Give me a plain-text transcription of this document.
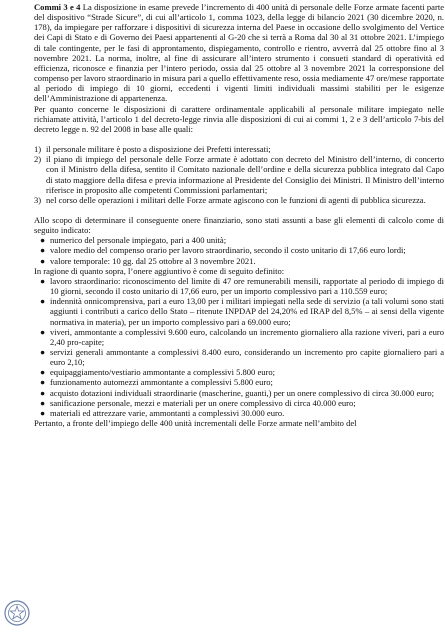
Commi 3 e 4 La disposizione in esame prevede l’incremento di 400 unità di personale delle Forze armate facenti parte del dispositivo “Strade Sicure”, di cui all’articolo 1, comma 1023, della legge di bilancio 2021 (30 dicembre 2020, n. 178), da impiegare per rafforzare i dispositivi di sicurezza interna del Paese in occasione dello svolgimento del Vertice dei Capi di Stato e di Governo dei Paesi appartenenti al G-20 che si terrà a Roma dal 30 al 31 ottobre 2021. L’impiego di tale contingente, per le fasi di approntamento, dispiegamento, controllo e rientro, avverrà dal 25 ottobre fino al 3 novembre 2021. La norma, inoltre, al fine di assicurare all’intero strumento i consueti standard di operatività ed efficienza, riconosce e finanzia per l’intero periodo, ossia dal 25 ottobre al 3 novembre 2021 la corresponsione del compenso per lavoro straordinario in misura pari a quello effettivamente reso, ossia mediamente 47 ore/mese rapportate al periodo di impiego di 10 giorni, eccedenti i vigenti limiti individuali massimi stabiliti per le esigenze dell’Amministrazione di appartenenza.

Per quanto concerne le disposizioni di carattere ordinamentale applicabili al personale militare impiegato nelle richiamate attività, l’articolo 1 del decreto-legge rinvia alle disposizioni di cui ai commi 1, 2 e 3 dell’articolo 7-bis del decreto legge n. 92 del 2008 in base alle quali:

1) il personale militare è posto a disposizione dei Prefetti interessati;
2) il piano di impiego del personale delle Forze armate è adottato con decreto del Ministro dell’interno, di concerto con il Ministro della difesa, sentito il Comitato nazionale dell’ordine e della sicurezza pubblica integrato dal Capo di stato maggiore della difesa e previa informazione al Presidente del Consiglio dei Ministri. Il Ministro dell’interno riferisce in proposito alle competenti Commissioni parlamentari;
3) nel corso delle operazioni i militari delle Forze armate agiscono con le funzioni di agenti di pubblica sicurezza.

Allo scopo di determinare il conseguente onere finanziario, sono stati assunti a base gli elementi di calcolo come di seguito indicato:

● numerico del personale impiegato, pari a 400 unità;
● valore medio del compenso orario per lavoro straordinario, secondo il costo unitario di 17,66 euro lordi;
● valore temporale: 10 gg. dal 25 ottobre al 3 novembre 2021.

In ragione di quanto sopra, l’onere aggiuntivo è come di seguito definito:

● lavoro straordinario: riconoscimento del limite di 47 ore remunerabili mensili, rapportate al periodo di impiego di 10 giorni, secondo il costo unitario di 17,66 euro, per un importo complessivo pari a 110.559 euro;
● indennità onnicomprensiva, pari a euro 13,00 per i militari impiegati nella sede di servizio (a tali volumi sono stati aggiunti i contributi a carico dello Stato – ritenute INPDAP del 24,20% ed IRAP del 8,5% – ai sensi della vigente normativa in materia), per un importo complessivo pari a 69.000 euro;
● viveri, ammontante a complessivi 9.600 euro, calcolando un incremento giornaliero alla razione viveri, pari a euro 2,40 pro-capite;
● servizi generali ammontante a complessivi 8.400 euro, considerando un incremento pro capite giornaliero pari a euro 2,10;
● equipaggiamento/vestiario ammontante a complessivi 5.800 euro;
● funzionamento automezzi ammontante a complessivi 5.800 euro;
● acquisto dotazioni individuali straordinarie (mascherine, guanti,) per un onere complessivo di circa 30.000 euro;
● sanificazione personale, mezzi e materiali per un onere complessivo di circa 40.000 euro;
● materiali ed attrezzare varie, ammontanti a complessivi 30.000 euro.

Pertanto, a fronte dell’impiego delle 400 unità incrementali delle Forze armate nell’ambito del
